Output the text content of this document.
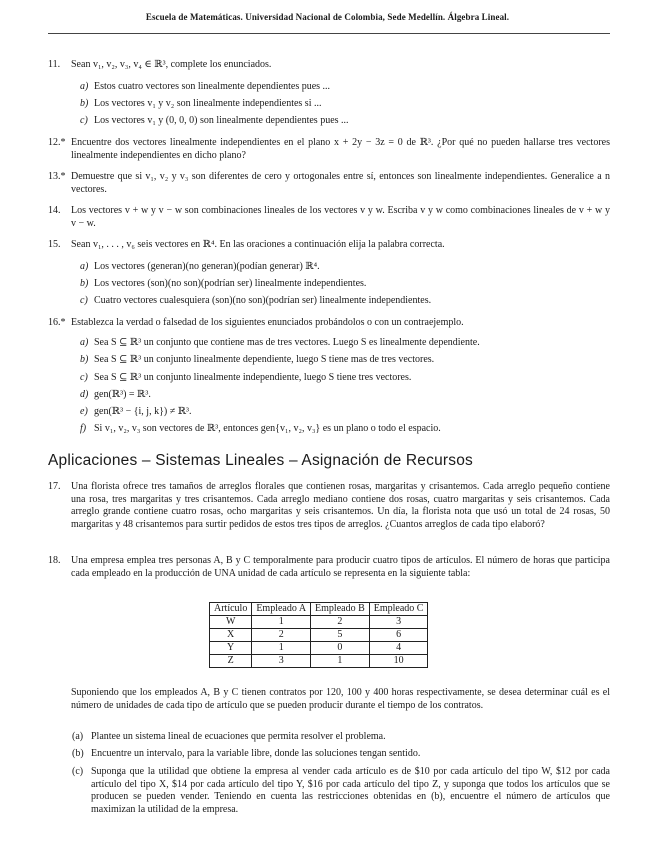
Escuela de Matemáticas. Universidad Nacional de Colombia, Sede Medellín. Álgebra Lineal.
11.	Sean v₁, v₂, v₃, v₄ ∈ ℝ³, complete los enunciados.
a) Estos cuatro vectores son linealmente dependientes pues ...
b) Los vectores v₁ y v₂ son linealmente independientes si ...
c) Los vectores v₁ y (0, 0, 0) son linealmente dependientes pues ...
12.* Encuentre dos vectores linealmente independientes en el plano x + 2y − 3z = 0 de ℝ³. ¿Por qué no pueden hallarse tres vectores linealmente independientes en dicho plano?
13.* Demuestre que si v₁, v₂ y v₃ son diferentes de cero y ortogonales entre sí, entonces son linealmente independientes. Generalice a n vectores.
14.	Los vectores v + w y v − w son combinaciones lineales de los vectores v y w. Escriba v y w como combinaciones lineales de v + w y v − w.
15.	Sean v₁, . . . , v₆ seis vectores en ℝ⁴. En las oraciones a continuación elija la palabra correcta.
a) Los vectores (generan)(no generan)(podían generar) ℝ⁴.
b) Los vectores (son)(no son)(podrían ser) linealmente independientes.
c) Cuatro vectores cualesquiera (son)(no son)(podrían ser) linealmente independientes.
16.* Establezca la verdad o falsedad de los siguientes enunciados probándolos o con un contraejemplo.
a) Sea S ⊆ ℝ³ un conjunto que contiene mas de tres vectores. Luego S es linealmente dependiente.
b) Sea S ⊆ ℝ³ un conjunto linealmente dependiente, luego S tiene mas de tres vectores.
c) Sea S ⊆ ℝ³ un conjunto linealmente independiente, luego S tiene tres vectores.
d) gen(ℝ³) = ℝ³.
e) gen(ℝ³ − {i, j, k}) ≠ ℝ³.
f) Si v₁, v₂, v₃ son vectores de ℝ³, entonces gen{v₁, v₂, v₃} es un plano o todo el espacio.
Aplicaciones – Sistemas Lineales – Asignación de Recursos
17.	Una florista ofrece tres tamaños de arreglos florales que contienen rosas, margaritas y crisantemos. Cada arreglo pequeño contiene una rosa, tres margaritas y tres crisantemos. Cada arreglo mediano contiene dos rosas, cuatro margaritas y seis crisantemos. Cada arreglo grande contiene cuatro rosas, ocho margaritas y seis crisantemos. Un día, la florista nota que usó un total de 24 rosas, 50 margaritas y 48 crisantemos para surtir pedidos de estos tres tipos de arreglos. ¿Cuantos arreglos de cada tipo elaboró?
18.	Una empresa emplea tres personas A, B y C temporalmente para producir cuatro tipos de artículos. El número de horas que participa cada empleado en la producción de UNA unidad de cada artículo se representa en la siguiente tabla:
Artículo	Empleado A	Empleado B	Empleado C
W	1	2	3
X	2	5	6
Y	1	0	4
Z	3	1	10
Suponiendo que los empleados A, B y C tienen contratos por 120, 100 y 400 horas respectivamente, se desea determinar cuál es el número de unidades de cada tipo de artículo que se pueden producir durante el tiempo de los contratos.
(a) Plantee un sistema lineal de ecuaciones que permita resolver el problema.
(b) Encuentre un intervalo, para la variable libre, donde las soluciones tengan sentido.
(c) Suponga que la utilidad que obtiene la empresa al vender cada artículo es de $10 por cada artículo del tipo W, $12 por cada artículo del tipo X, $14 por cada artículo del tipo Y, $16 por cada artículo del tipo Z, y suponga que todos los artículos que se producen se pueden vender. Teniendo en cuenta las restricciones obtenidas en (b), encuentre el número de artículos que maximizan la utilidad de la empresa.
